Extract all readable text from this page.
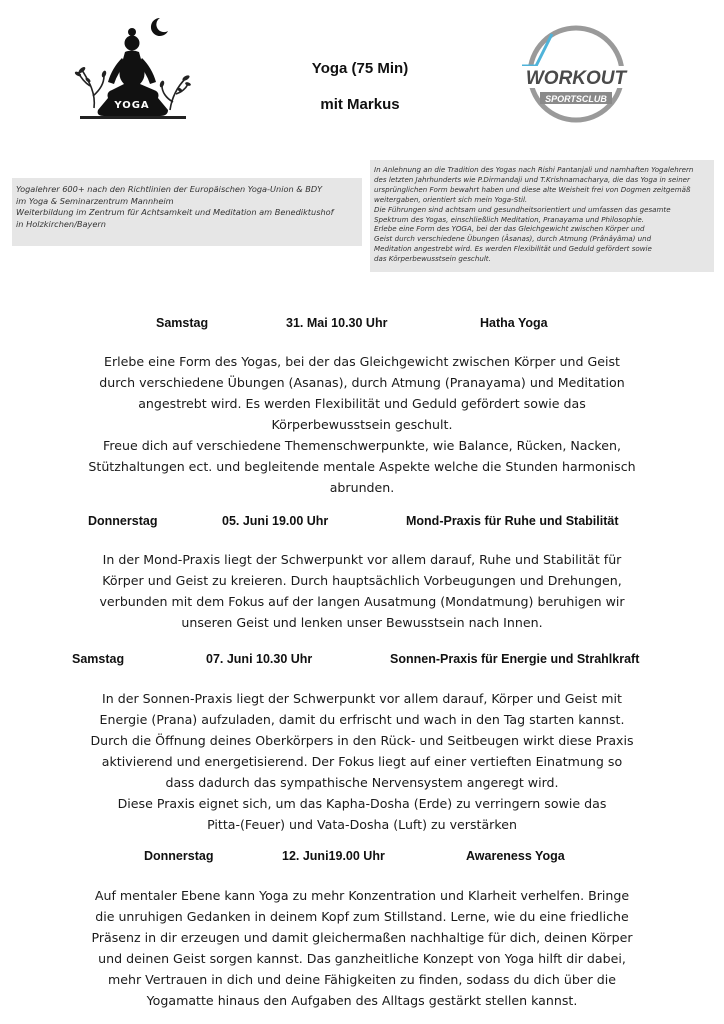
YOGA
Yoga (75 Min)
mit Markus
WORKOUT
SPORTSCLUB

Yogalehrer 600+ nach den Richtlinien der Europäischen Yoga-Union & BDY
im Yoga & Seminarzentrum Mannheim
Weiterbildung im Zentrum für Achtsamkeit und Meditation am Benediktushof
in Holzkirchen/Bayern

In Anlehnung an die Tradition des Yogas nach Rishi Pantanjali und namhaften Yogalehrern
des letzten Jahrhunderts wie P.Dirmandaji und T.Krishnamacharya, die das Yoga in seiner
ursprünglichen Form bewahrt haben und diese alte Weisheit frei von Dogmen zeitgemäß
weitergaben, orientiert sich mein Yoga-Stil.
Die Führungen sind achtsam und gesundheitsorientiert und umfassen das gesamte
Spektrum des Yogas, einschließlich Meditation, Pranayama und Philosophie.
Erlebe eine Form des YOGA, bei der das Gleichgewicht zwischen Körper und
Geist durch verschiedene Übungen (Âsanas), durch Atmung (Prânâyâma) und
Meditation angestrebt wird. Es werden Flexibilität und Geduld gefördert sowie
das Körperbewusstsein geschult.

Samstag	31. Mai 10.30 Uhr	Hatha Yoga
Erlebe eine Form des Yogas, bei der das Gleichgewicht zwischen Körper und Geist
durch verschiedene Übungen (Asanas), durch Atmung (Pranayama) und Meditation
angestrebt wird. Es werden Flexibilität und Geduld gefördert sowie das
Körperbewusstsein geschult.
Freue dich auf verschiedene Themenschwerpunkte, wie Balance, Rücken, Nacken,
Stützhaltungen ect. und begleitende mentale Aspekte welche die Stunden harmonisch
abrunden.
Donnerstag	05. Juni 19.00 Uhr	Mond-Praxis für Ruhe und Stabilität
In der Mond-Praxis liegt der Schwerpunkt vor allem darauf, Ruhe und Stabilität für
Körper und Geist zu kreieren. Durch hauptsächlich Vorbeugungen und Drehungen,
verbunden mit dem Fokus auf der langen Ausatmung (Mondatmung) beruhigen wir
unseren Geist und lenken unser Bewusstsein nach Innen.
Samstag	07. Juni 10.30 Uhr	Sonnen-Praxis für Energie und Strahlkraft
In der Sonnen-Praxis liegt der Schwerpunkt vor allem darauf, Körper und Geist mit
Energie (Prana) aufzuladen, damit du erfrischt und wach in den Tag starten kannst.
Durch die Öffnung deines Oberkörpers in den Rück- und Seitbeugen wirkt diese Praxis
aktivierend und energetisierend. Der Fokus liegt auf einer vertieften Einatmung so
dass dadurch das sympathische Nervensystem angeregt wird.
Diese Praxis eignet sich, um das Kapha-Dosha (Erde) zu verringern sowie das
Pitta-(Feuer) und Vata-Dosha (Luft) zu verstärken
Donnerstag	12. Juni19.00 Uhr	Awareness Yoga
Auf mentaler Ebene kann Yoga zu mehr Konzentration und Klarheit verhelfen. Bringe
die unruhigen Gedanken in deinem Kopf zum Stillstand. Lerne, wie du eine friedliche
Präsenz in dir erzeugen und damit gleichermaßen nachhaltige für dich, deinen Körper
und deinen Geist sorgen kannst. Das ganzheitliche Konzept von Yoga hilft dir dabei,
mehr Vertrauen in dich und deine Fähigkeiten zu finden, sodass du dich über die
Yogamatte hinaus den Aufgaben des Alltags gestärkt stellen kannst.
